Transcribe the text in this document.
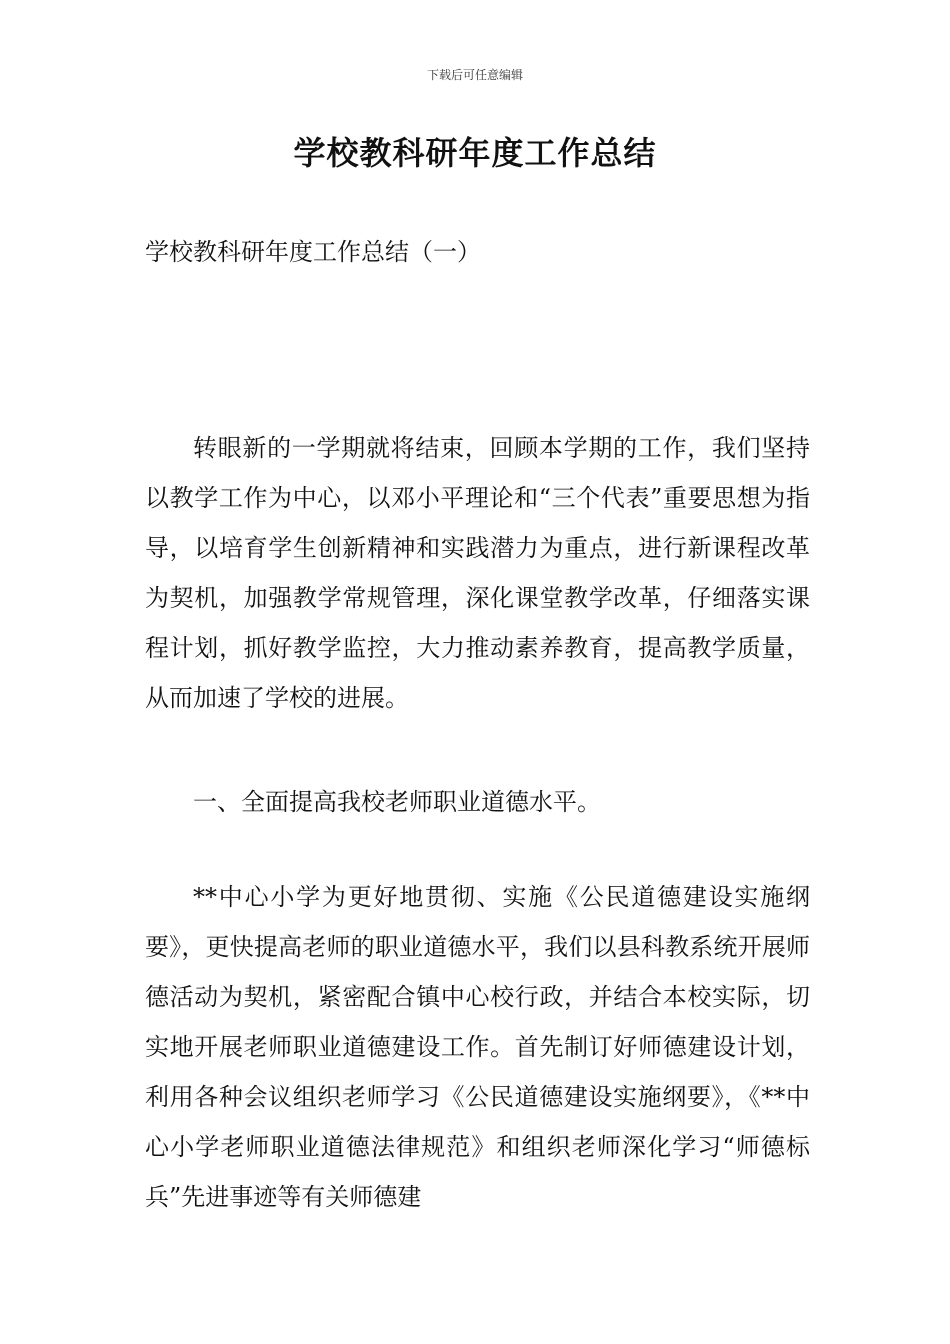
下载后可任意编辑
学校教科研年度工作总结
学校教科研年度工作总结（一）
转眼新的一学期就将结束，回顾本学期的工作，我们坚持以教学工作为中心，以邓小平理论和“三个代表”重要思想为指导，以培育学生创新精神和实践潜力为重点，进行新课程改革为契机，加强教学常规管理，深化课堂教学改革，仔细落实课程计划，抓好教学监控，大力推动素养教育，提高教学质量，从而加速了学校的进展。
一、全面提高我校老师职业道德水平。
**中心小学为更好地贯彻、实施《公民道德建设实施纲要》，更快提高老师的职业道德水平，我们以县科教系统开展师德活动为契机，紧密配合镇中心校行政，并结合本校实际，切实地开展老师职业道德建设工作。首先制订好师德建设计划，利用各种会议组织老师学习《公民道德建设实施纲要》，《**中心小学老师职业道德法律规范》和组织老师深化学习“师德标兵”先进事迹等有关师德建
